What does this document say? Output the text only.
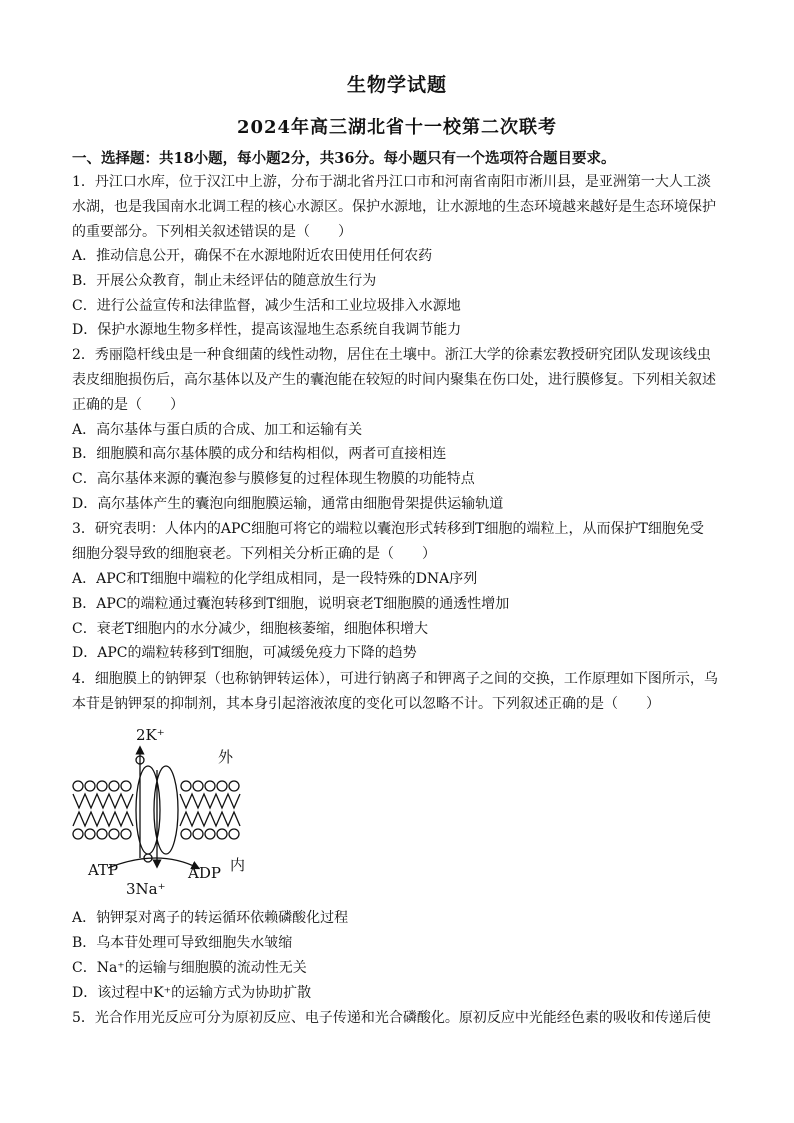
生物学试题
2024年高三湖北省十一校第二次联考
一、选择题：共18小题，每小题2分，共36分。每小题只有一个选项符合题目要求。
1．丹江口水库，位于汉江中上游，分布于湖北省丹江口市和河南省南阳市淅川县，是亚洲第一大人工淡
水湖，也是我国南水北调工程的核心水源区。保护水源地，让水源地的生态环境越来越好是生态环境保护
的重要部分。下列相关叙述错误的是（　　）
A．推动信息公开，确保不在水源地附近农田使用任何农药
B．开展公众教育，制止未经评估的随意放生行为
C．进行公益宣传和法律监督，减少生活和工业垃圾排入水源地
D．保护水源地生物多样性，提高该湿地生态系统自我调节能力
2．秀丽隐杆线虫是一种食细菌的线性动物，居住在土壤中。浙江大学的徐素宏教授研究团队发现该线虫
表皮细胞损伤后，高尔基体以及产生的囊泡能在较短的时间内聚集在伤口处，进行膜修复。下列相关叙述
正确的是（　　）
A．高尔基体与蛋白质的合成、加工和运输有关
B．细胞膜和高尔基体膜的成分和结构相似，两者可直接相连
C．高尔基体来源的囊泡参与膜修复的过程体现生物膜的功能特点
D．高尔基体产生的囊泡向细胞膜运输，通常由细胞骨架提供运输轨道
3．研究表明：人体内的APC细胞可将它的端粒以囊泡形式转移到T细胞的端粒上，从而保护T细胞免受
细胞分裂导致的细胞衰老。下列相关分析正确的是（　　）
A．APC和T细胞中端粒的化学组成相同，是一段特殊的DNA序列
B．APC的端粒通过囊泡转移到T细胞，说明衰老T细胞膜的通透性增加
C．衰老T细胞内的水分减少，细胞核萎缩，细胞体积增大
D．APC的端粒转移到T细胞，可减缓免疫力下降的趋势
4．细胞膜上的钠钾泵（也称钠钾转运体），可进行钠离子和钾离子之间的交换，工作原理如下图所示，乌
本苷是钠钾泵的抑制剂，其本身引起溶液浓度的变化可以忽略不计。下列叙述正确的是（　　）
2K⁺
外
ATP	ADP 内
3Na⁺
A．钠钾泵对离子的转运循环依赖磷酸化过程
B．乌本苷处理可导致细胞失水皱缩
C．Na⁺的运输与细胞膜的流动性无关
D．该过程中K⁺的运输方式为协助扩散
5．光合作用光反应可分为原初反应、电子传递和光合磷酸化。原初反应中光能经色素的吸收和传递后使
